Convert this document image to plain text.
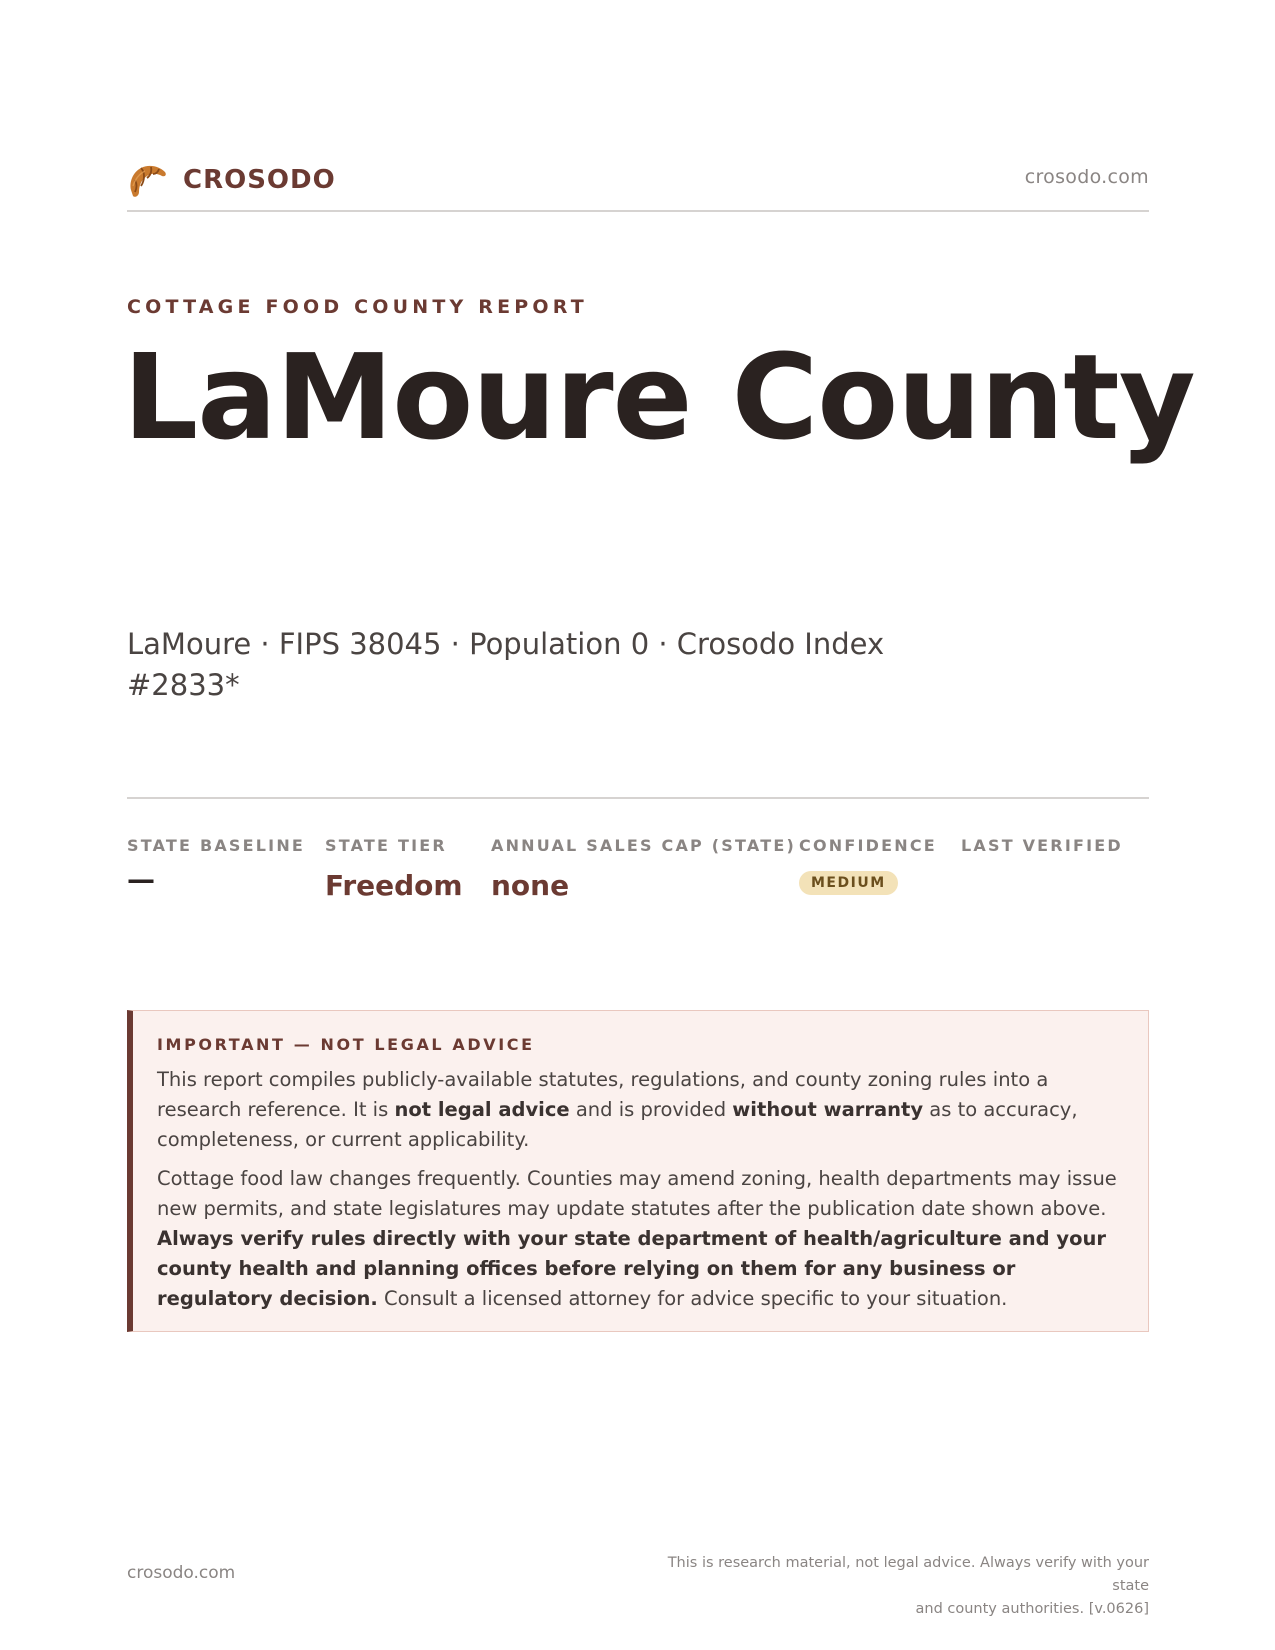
CROSODO	crosodo.com
COTTAGE FOOD COUNTY REPORT
LaMoure County
LaMoure · FIPS 38045 · Population 0 · Crosodo Index #2833*
STATE BASELINE
—
STATE TIER
Freedom
ANNUAL SALES CAP (STATE)
none
CONFIDENCE
MEDIUM
LAST VERIFIED
IMPORTANT — NOT LEGAL ADVICE

This report compiles publicly-available statutes, regulations, and county zoning rules into a research reference. It is not legal advice and is provided without warranty as to accuracy, completeness, or current applicability.

Cottage food law changes frequently. Counties may amend zoning, health departments may issue new permits, and state legislatures may update statutes after the publication date shown above. Always verify rules directly with your state department of health/agriculture and your county health and planning offices before relying on them for any business or regulatory decision. Consult a licensed attorney for advice specific to your situation.

crosodo.com	This is research material, not legal advice. Always verify with your state
and county authorities. [v.0626]
